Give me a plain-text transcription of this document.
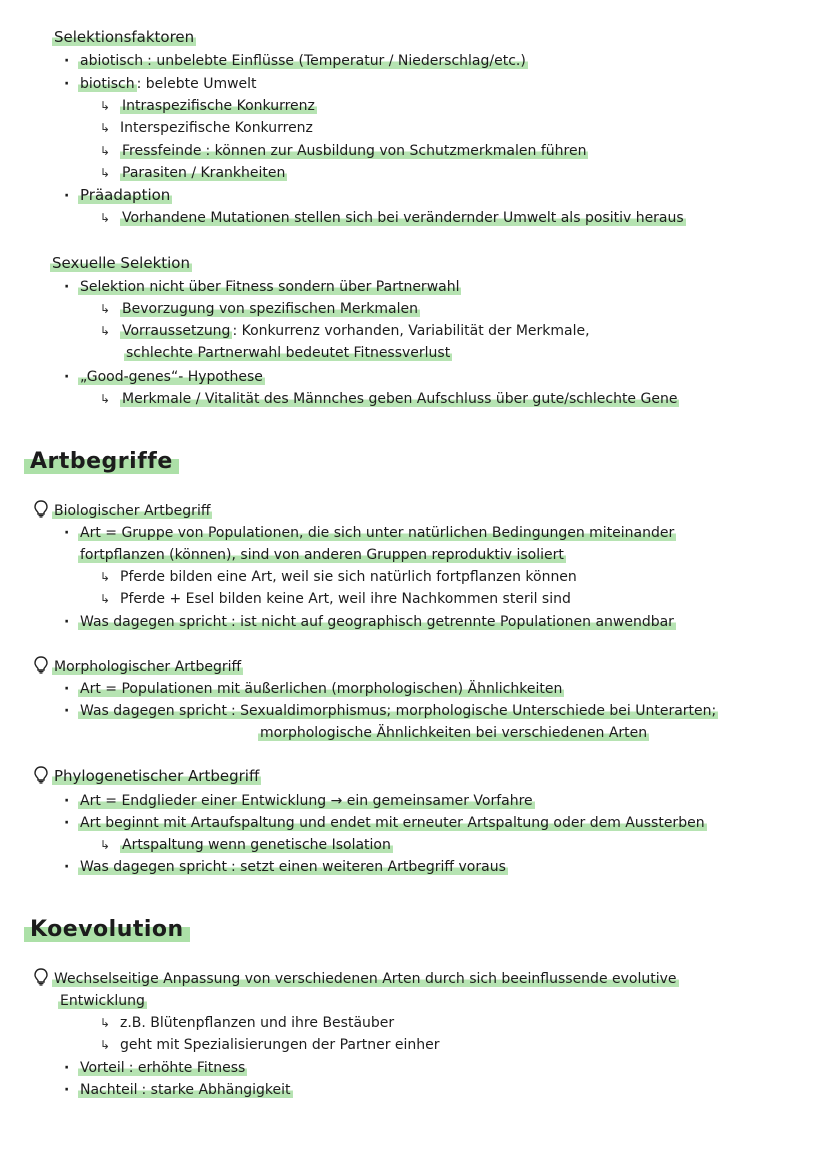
Selektionsfaktoren
· abiotisch : unbelebte Einflüsse (Temperatur / Niederschlag/etc.)
· biotisch : belebte Umwelt
↳ Intraspezifische Konkurrenz
↳ Interspezifische Konkurrenz
↳ Fressfeinde : können zur Ausbildung von Schutzmerkmalen führen
↳ Parasiten / Krankheiten
· Präadaption
↳ Vorhandene Mutationen stellen sich bei verändernder Umwelt als positiv heraus
Sexuelle Selektion
· Selektion nicht über Fitness sondern über Partnerwahl
↳ Bevorzugung von spezifischen Merkmalen
↳ Vorraussetzung : Konkurrenz vorhanden, Variabilität der Merkmale,
schlechte Partnerwahl bedeutet Fitnessverlust
· „Good-genes“- Hypothese
↳ Merkmale / Vitalität des Männches geben Aufschluss über gute/schlechte Gene
Artbegriffe
Biologischer Artbegriff
· Art = Gruppe von Populationen, die sich unter natürlichen Bedingungen miteinander
fortpflanzen (können), sind von anderen Gruppen reproduktiv isoliert
↳ Pferde bilden eine Art, weil sie sich natürlich fortpflanzen können
↳ Pferde + Esel bilden keine Art, weil ihre Nachkommen steril sind
· Was dagegen spricht : ist nicht auf geographisch getrennte Populationen anwendbar
Morphologischer Artbegriff
· Art = Populationen mit äußerlichen (morphologischen) Ähnlichkeiten
· Was dagegen spricht : Sexualdimorphismus; morphologische Unterschiede bei Unterarten;
morphologische Ähnlichkeiten bei verschiedenen Arten
Phylogenetischer Artbegriff
· Art = Endglieder einer Entwicklung → ein gemeinsamer Vorfahre
· Art beginnt mit Artaufspaltung und endet mit erneuter Artspaltung oder dem Aussterben
↳ Artspaltung wenn genetische Isolation
· Was dagegen spricht : setzt einen weiteren Artbegriff voraus
Koevolution
Wechselseitige Anpassung von verschiedenen Arten durch sich beeinflussende evolutive
Entwicklung
↳ z.B. Blütenpflanzen und ihre Bestäuber
↳ geht mit Spezialisierungen der Partner einher
· Vorteil : erhöhte Fitness
· Nachteil : starke Abhängigkeit
